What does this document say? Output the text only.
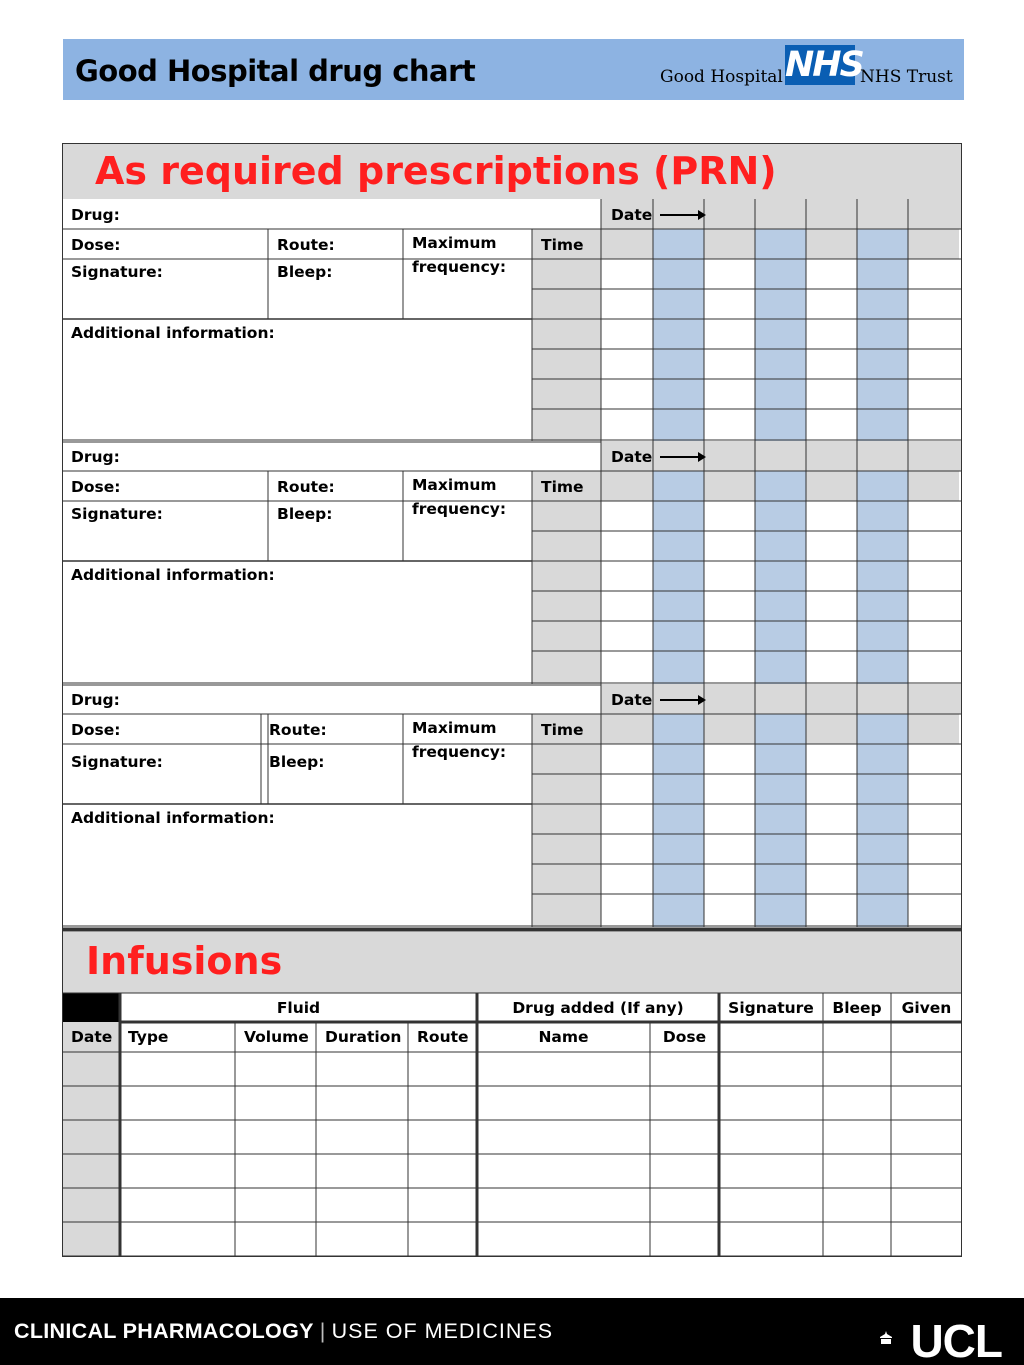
Good Hospital drug chart	Good Hospital NHS
NHS Trust
As required prescriptions (PRN)
Drug:	Date
Dose:	Route:	Maximum
frequency:
Time
Signature:	Bleep:
Additional information:
Drug:	Date
Dose:	Route:	Maximum
frequency:
Time
Signature:	Bleep:
Additional information:
Drug:	Date
Dose:	Route:	Maximum
frequency:
Time
Signature:	Bleep:
Additional information:
Infusions
Fluid	Drug added (If any)	Signature	Bleep	Given
Date Type	Volume Duration Route	Name	Dose
CLINICAL PHARMACOLOGY | USE OF MEDICINES	UCL
